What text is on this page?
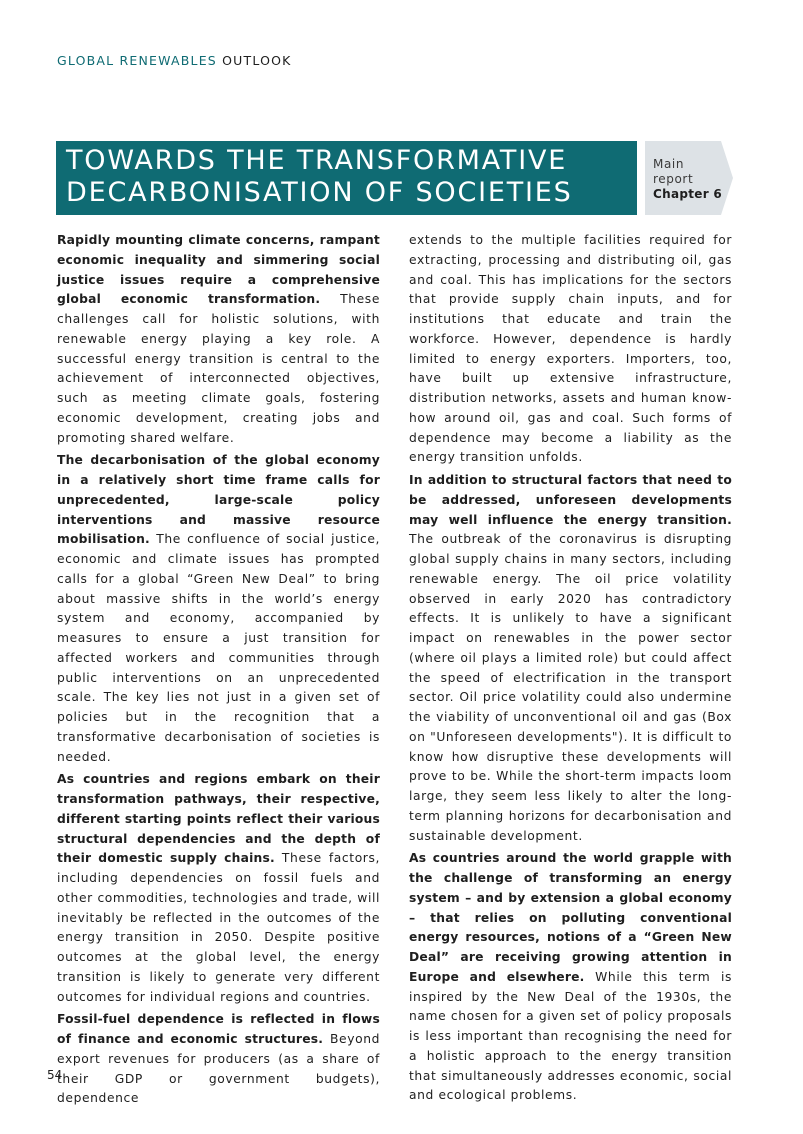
GLOBAL RENEWABLES OUTLOOK
TOWARDS THE TRANSFORMATIVE
DECARBONISATION OF SOCIETIES
Main
report
Chapter 6

Rapidly mounting climate concerns, rampant economic inequality and simmering social justice issues require a comprehensive global economic transformation. These challenges call for holistic solutions, with renewable energy playing a key role. A successful energy transition is central to the achievement of interconnected objectives, such as meeting climate goals, fostering economic development, creating jobs and promoting shared welfare.

The decarbonisation of the global economy in a relatively short time frame calls for unprecedented, large-scale policy interventions and massive resource mobilisation. The confluence of social justice, economic and climate issues has prompted calls for a global “Green New Deal” to bring about massive shifts in the world’s energy system and economy, accompanied by measures to ensure a just transition for affected workers and communities through public interventions on an unprecedented scale. The key lies not just in a given set of policies but in the recognition that a transformative decarbonisation of societies is needed.

As countries and regions embark on their transformation pathways, their respective, different starting points reflect their various structural dependencies and the depth of their domestic supply chains. These factors, including dependencies on fossil fuels and other commodities, technologies and trade, will inevitably be reflected in the outcomes of the energy transition in 2050. Despite positive outcomes at the global level, the energy transition is likely to generate very different outcomes for individual regions and countries.

Fossil-fuel dependence is reflected in flows of finance and economic structures. Beyond export revenues for producers (as a share of their GDP or government budgets), dependence

extends to the multiple facilities required for extracting, processing and distributing oil, gas and coal. This has implications for the sectors that provide supply chain inputs, and for institutions that educate and train the workforce. However, dependence is hardly limited to energy exporters. Importers, too, have built up extensive infrastructure, distribution networks, assets and human know-how around oil, gas and coal. Such forms of dependence may become a liability as the energy transition unfolds.

In addition to structural factors that need to be addressed, unforeseen developments may well influence the energy transition. The outbreak of the coronavirus is disrupting global supply chains in many sectors, including renewable energy. The oil price volatility observed in early 2020 has contradictory effects. It is unlikely to have a significant impact on renewables in the power sector (where oil plays a limited role) but could affect the speed of electrification in the transport sector. Oil price volatility could also undermine the viability of unconventional oil and gas (Box on "Unforeseen developments"). It is difficult to know how disruptive these developments will prove to be. While the short-term impacts loom large, they seem less likely to alter the long-term planning horizons for decarbonisation and sustainable development.

As countries around the world grapple with the challenge of transforming an energy system – and by extension a global economy – that relies on polluting conventional energy resources, notions of a “Green New Deal” are receiving growing attention in Europe and elsewhere. While this term is inspired by the New Deal of the 1930s, the name chosen for a given set of policy proposals is less important than recognising the need for a holistic approach to the energy transition that simultaneously addresses economic, social and ecological problems.

54
